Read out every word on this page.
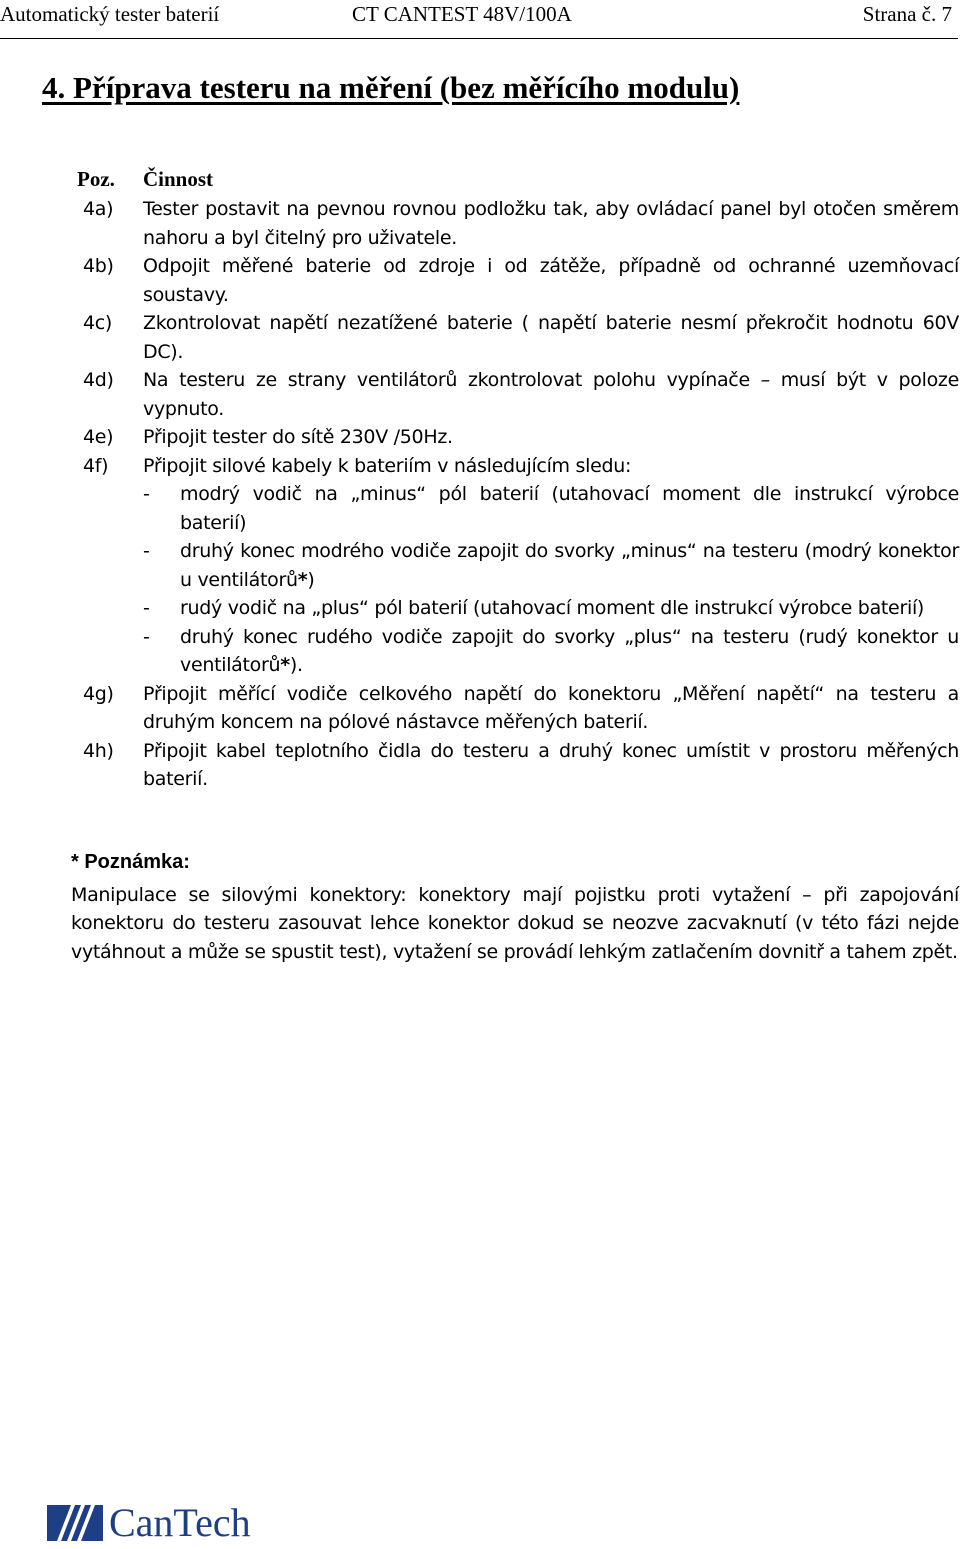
Automatický tester baterií	CT CANTEST 48V/100A	Strana č. 7
4. Příprava testeru na měření (bez měřícího modulu)
Poz. Činnost
4a) Tester postavit na pevnou rovnou podložku tak, aby ovládací panel byl otočen směrem nahoru a byl čitelný pro uživatele.
4b) Odpojit měřené baterie od zdroje i od zátěže, případně od ochranné uzemňovací soustavy.
4c) Zkontrolovat napětí nezatížené baterie ( napětí baterie nesmí překročit hodnotu 60V DC).
4d) Na testeru ze strany ventilátorů zkontrolovat polohu vypínače – musí být v poloze vypnuto.
4e) Připojit tester do sítě 230V /50Hz.
4f) Připojit silové kabely k bateriím v následujícím sledu:
- modrý vodič na „minus“ pól baterií (utahovací moment dle instrukcí výrobce baterií)
- druhý konec modrého vodiče zapojit do svorky „minus“ na testeru (modrý konektor u ventilátorů*)
- rudý vodič na „plus“ pól baterií (utahovací moment dle instrukcí výrobce baterií)
- druhý konec rudého vodiče zapojit do svorky „plus“ na testeru (rudý konektor u ventilátorů*).
4g) Připojit měřící vodiče celkového napětí do konektoru „Měření napětí“ na testeru a druhým koncem na pólové nástavce měřených baterií.
4h) Připojit kabel teplotního čidla do testeru a druhý konec umístit v prostoru měřených baterií.
* Poznámka:
Manipulace se silovými konektory: konektory mají pojistku proti vytažení – při zapojování konektoru do testeru zasouvat lehce konektor dokud se neozve zacvaknutí (v této fázi nejde vytáhnout a může se spustit test), vytažení se provádí lehkým zatlačením dovnitř a tahem zpět.
CanTech
